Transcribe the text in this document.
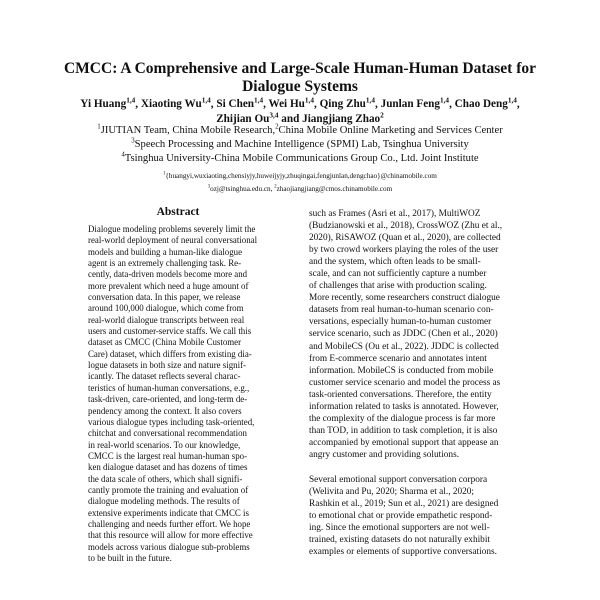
CMCC: A Comprehensive and Large-Scale Human-Human Dataset for
Dialogue Systems
Yi Huang$^{1,4}$, Xiaoting Wu$^{1,4}$, Si Chen$^{1,4}$, Wei Hu$^{1,4}$, Qing Zhu$^{1,4}$, Junlan Feng$^{1,4}$, Chao Deng$^{1,4}$,
Zhijian Ou$^{3,4}$ and Jiangjiang Zhao$^2$
$^1$JIUTIAN Team, China Mobile Research,$^2$China Mobile Online Marketing and Services Center
$^3$Speech Processing and Machine Intelligence (SPMI) Lab, Tsinghua University
$^4$Tsinghua University-China Mobile Communications Group Co., Ltd. Joint Institute
$^1${huangyi,wuxiaoting,chensiyjy,huweijyjy,zhuqingai,fengjunlan,dengchao}@chinamobile.com
$^3$ozj@tsinghua.edu.cn, $^2$zhaojiangjiang@cmos.chinamobile.com
Abstract
Dialogue modeling problems severely limit the
real-world deployment of neural conversational
models and building a human-like dialogue
agent is an extremely challenging task. Re-
cently, data-driven models become more and
more prevalent which need a huge amount of
conversation data. In this paper, we release
around 100,000 dialogue, which come from
real-world dialogue transcripts between real
users and customer-service staffs. We call this
dataset as CMCC (China Mobile Customer
Care) dataset, which differs from existing dia-
logue datasets in both size and nature signif-
icantly. The dataset reflects several charac-
teristics of human-human conversations, e.g.,
task-driven, care-oriented, and long-term de-
pendency among the context. It also covers
various dialogue types including task-oriented,
chitchat and conversational recommendation
in real-world scenarios. To our knowledge,
CMCC is the largest real human-human spo-
ken dialogue dataset and has dozens of times
the data scale of others, which shall signifi-
cantly promote the training and evaluation of
dialogue modeling methods. The results of
extensive experiments indicate that CMCC is
challenging and needs further effort. We hope
that this resource will allow for more effective
models across various dialogue sub-problems
to be built in the future.
such as Frames (Asri et al., 2017), MultiWOZ
(Budzianowski et al., 2018), CrossWOZ (Zhu et al.,
2020), RiSAWOZ (Quan et al., 2020), are collected
by two crowd workers playing the roles of the user
and the system, which often leads to be small-
scale, and can not sufficiently capture a number
of challenges that arise with production scaling.
More recently, some researchers construct dialogue
datasets from real human-to-human scenario con-
versations, especially human-to-human customer
service scenario, such as JDDC (Chen et al., 2020)
and MobileCS (Ou et al., 2022). JDDC is collected
from E-commerce scenario and annotates intent
information. MobileCS is conducted from mobile
customer service scenario and model the process as
task-oriented conversations. Therefore, the entity
information related to tasks is annotated. However,
the complexity of the dialogue process is far more
than TOD, in addition to task completion, it is also
accompanied by emotional support that appease an
angry customer and providing solutions.
Several emotional support conversation corpora
(Welivita and Pu, 2020; Sharma et al., 2020;
Rashkin et al., 2019; Sun et al., 2021) are designed
to emotional chat or provide empathetic respond-
ing. Since the emotional supporters are not well-
trained, existing datasets do not naturally exhibit
examples or elements of supportive conversations.
